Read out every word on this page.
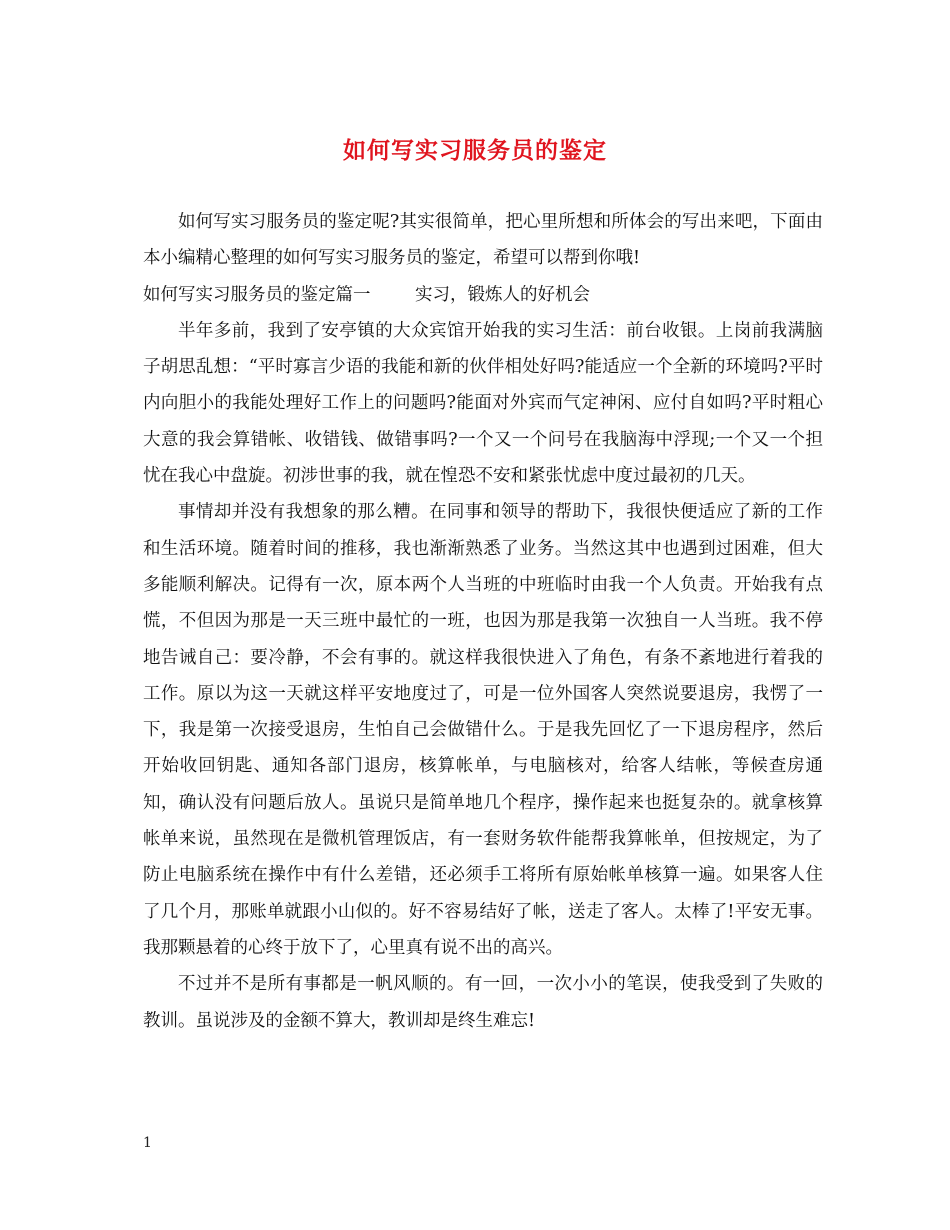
如何写实习服务员的鉴定

如何写实习服务员的鉴定呢?其实很简单，把心里所想和所体会的写出来吧，下面由本小编精心整理的如何写实习服务员的鉴定，希望可以帮到你哦!

如何写实习服务员的鉴定篇一	实习，锻炼人的好机会

半年多前，我到了安亭镇的大众宾馆开始我的实习生活：前台收银。上岗前我满脑子胡思乱想：“平时寡言少语的我能和新的伙伴相处好吗?能适应一个全新的环境吗?平时内向胆小的我能处理好工作上的问题吗?能面对外宾而气定神闲、应付自如吗?平时粗心大意的我会算错帐、收错钱、做错事吗?一个又一个问号在我脑海中浮现;一个又一个担忧在我心中盘旋。初涉世事的我，就在惶恐不安和紧张忧虑中度过最初的几天。

事情却并没有我想象的那么糟。在同事和领导的帮助下，我很快便适应了新的工作和生活环境。随着时间的推移，我也渐渐熟悉了业务。当然这其中也遇到过困难，但大多能顺利解决。记得有一次，原本两个人当班的中班临时由我一个人负责。开始我有点慌，不但因为那是一天三班中最忙的一班，也因为那是我第一次独自一人当班。我不停地告诫自己：要冷静，不会有事的。就这样我很快进入了角色，有条不紊地进行着我的工作。原以为这一天就这样平安地度过了，可是一位外国客人突然说要退房，我愣了一下，我是第一次接受退房，生怕自己会做错什么。于是我先回忆了一下退房程序，然后开始收回钥匙、通知各部门退房，核算帐单，与电脑核对，给客人结帐，等候查房通知，确认没有问题后放人。虽说只是简单地几个程序，操作起来也挺复杂的。就拿核算帐单来说，虽然现在是微机管理饭店，有一套财务软件能帮我算帐单，但按规定，为了防止电脑系统在操作中有什么差错，还必须手工将所有原始帐单核算一遍。如果客人住了几个月，那账单就跟小山似的。好不容易结好了帐，送走了客人。太棒了!平安无事。我那颗悬着的心终于放下了，心里真有说不出的高兴。

不过并不是所有事都是一帆风顺的。有一回，一次小小的笔误，使我受到了失败的教训。虽说涉及的金额不算大，教训却是终生难忘!

1
